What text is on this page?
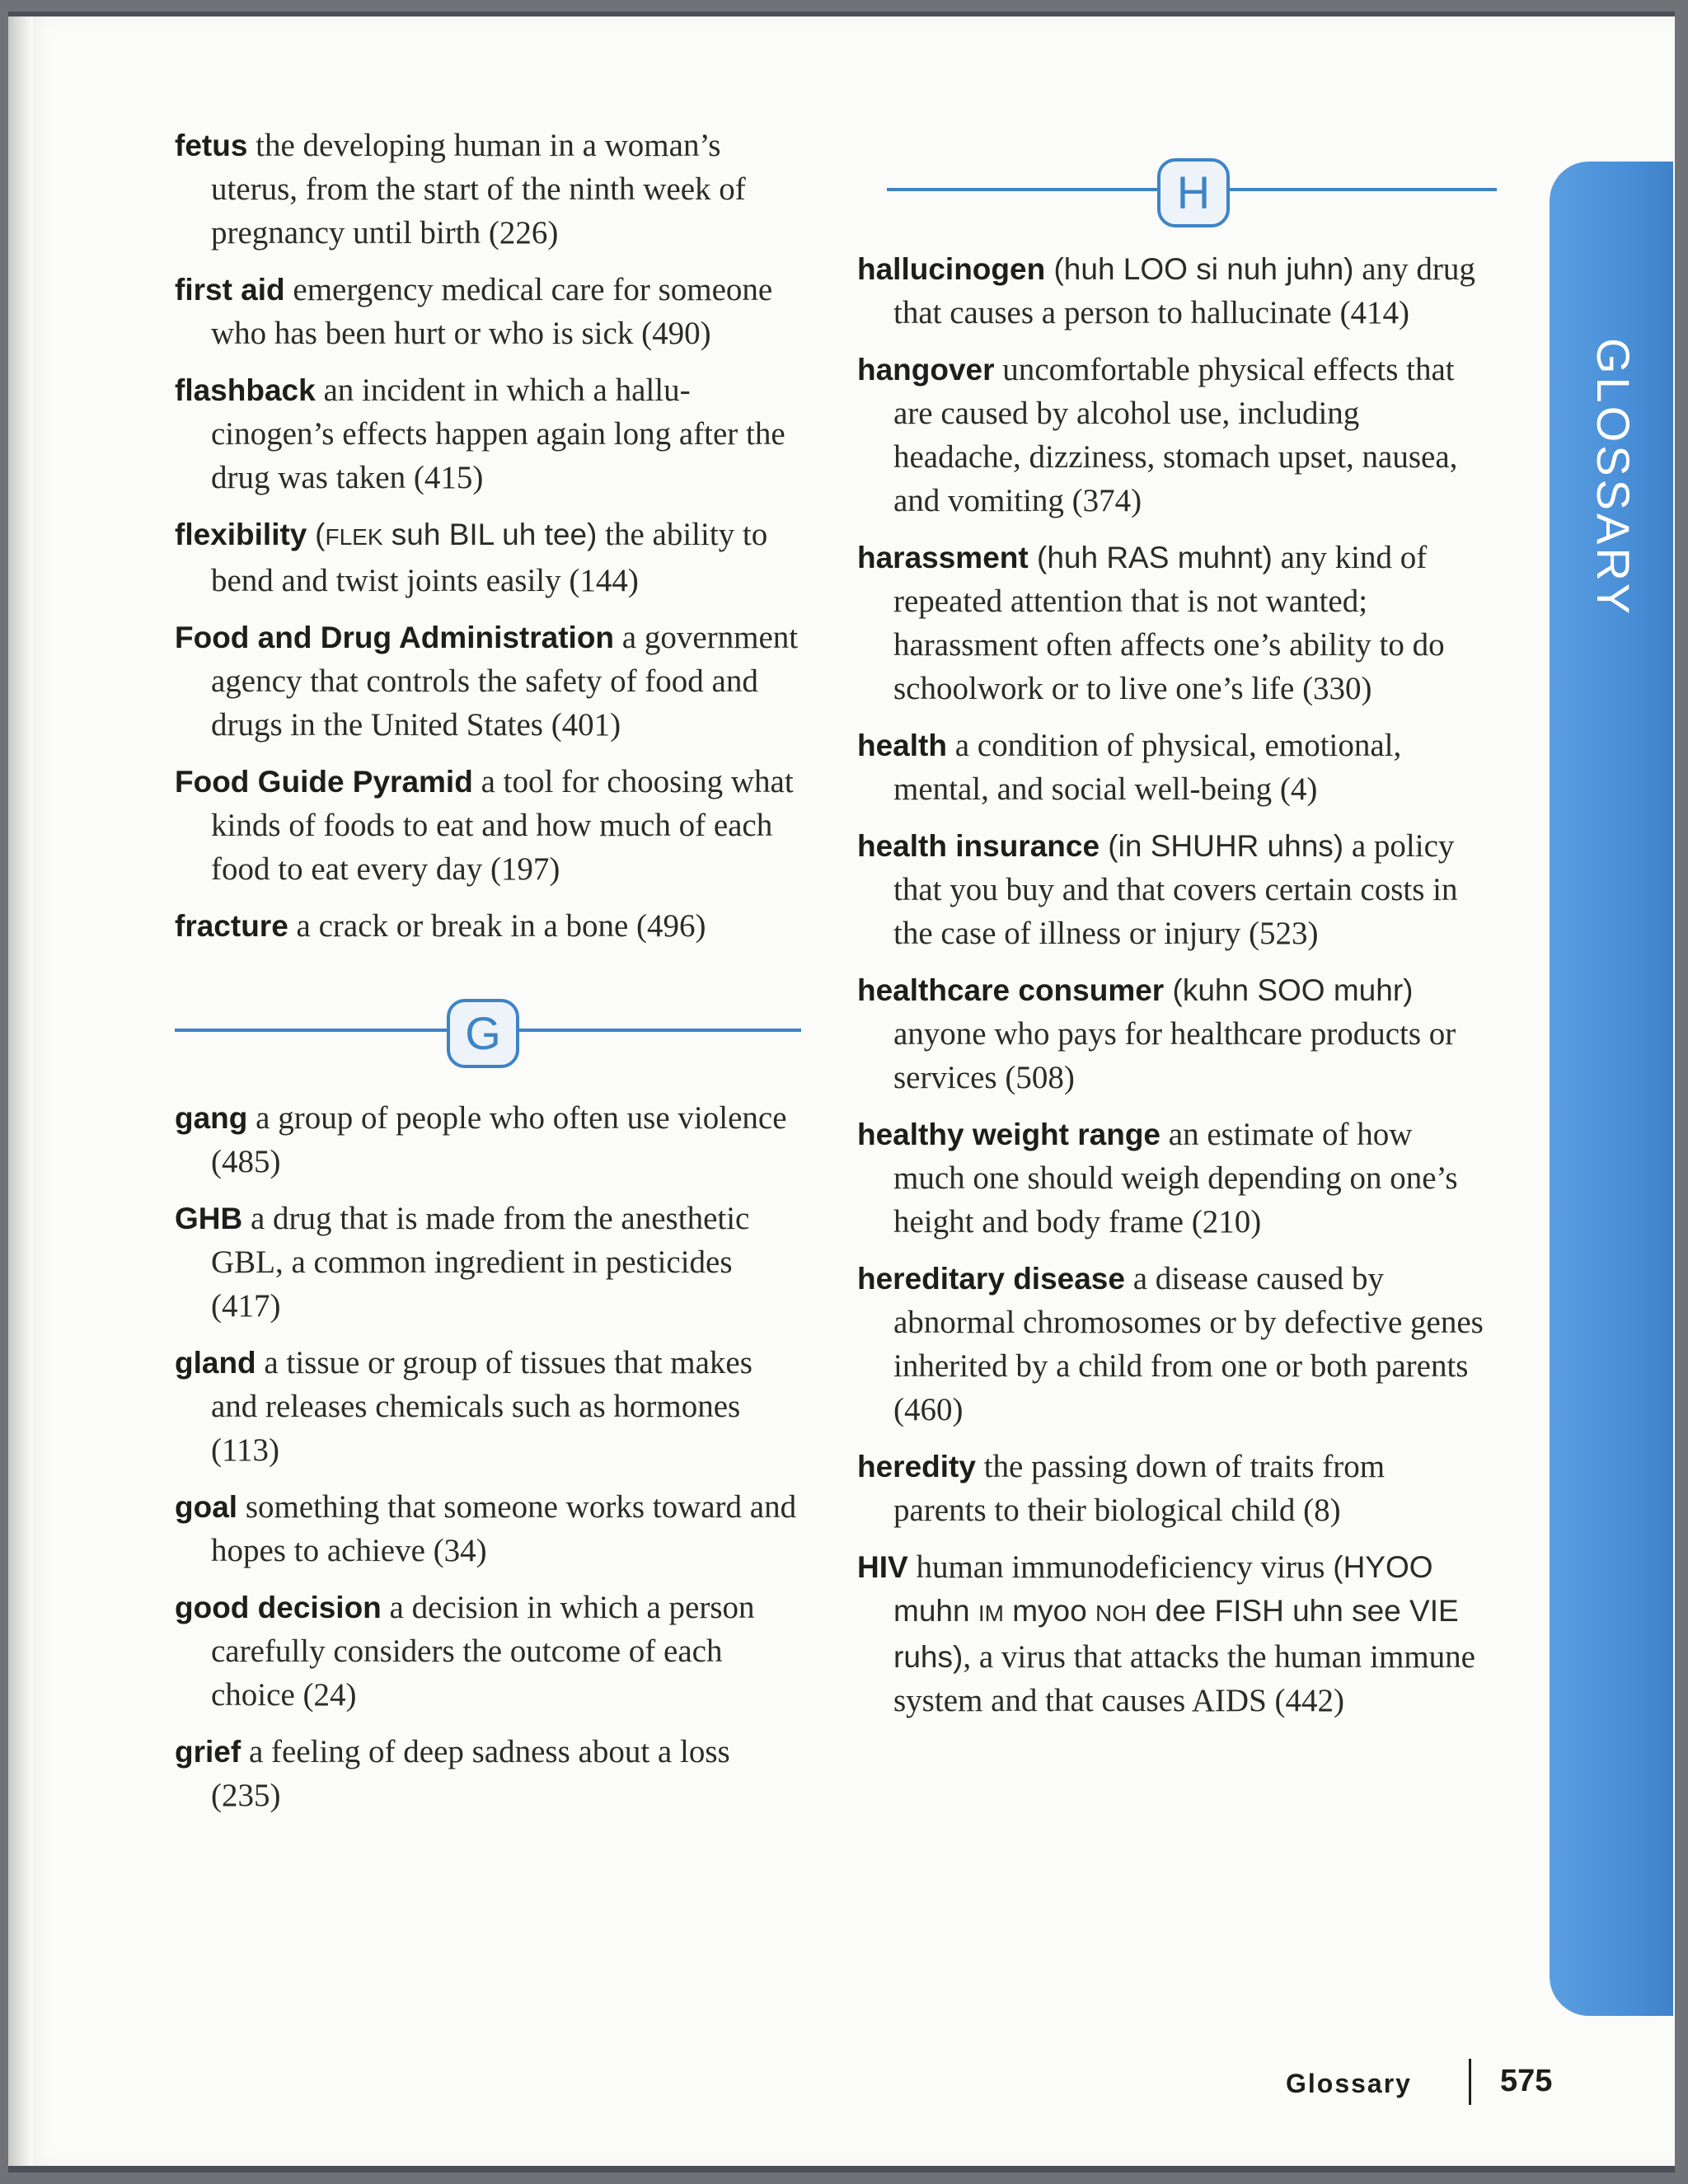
fetus the developing human in a woman’s uterus, from the start of the ninth week of pregnancy until birth (226)
first aid emergency medical care for someone who has been hurt or who is sick (490)
flashback an incident in which a hallucinogen’s effects happen again long after the drug was taken (415)
flexibility (FLEK suh BIL uh tee) the ability to bend and twist joints easily (144)
Food and Drug Administration a government agency that controls the safety of food and drugs in the United States (401)
Food Guide Pyramid a tool for choosing what kinds of foods to eat and how much of each food to eat every day (197)
fracture a crack or break in a bone (496)
G
gang a group of people who often use violence (485)
GHB a drug that is made from the anesthetic GBL, a common ingredient in pesticides (417)
gland a tissue or group of tissues that makes and releases chemicals such as hormones (113)
goal something that someone works toward and hopes to achieve (34)
good decision a decision in which a person carefully considers the outcome of each choice (24)
grief a feeling of deep sadness about a loss (235)
H
hallucinogen (huh LOO si nuh juhn) any drug that causes a person to hallucinate (414)
hangover uncomfortable physical effects that are caused by alcohol use, including headache, dizziness, stomach upset, nausea, and vomiting (374)
harassment (huh RAS muhnt) any kind of repeated attention that is not wanted; harassment often affects one’s ability to do schoolwork or to live one’s life (330)
health a condition of physical, emotional, mental, and social well-being (4)
health insurance (in SHUHR uhns) a policy that you buy and that covers certain costs in the case of illness or injury (523)
healthcare consumer (kuhn SOO muhr) anyone who pays for healthcare products or services (508)
healthy weight range an estimate of how much one should weigh depending on one’s height and body frame (210)
hereditary disease a disease caused by abnormal chromosomes or by defective genes inherited by a child from one or both parents (460)
heredity the passing down of traits from parents to their biological child (8)
HIV human immunodeficiency virus (HYOO muhn IM myoo NOH dee FISH uhn see VIE ruhs), a virus that attacks the human immune system and that causes AIDS (442)
GLOSSARY
Glossary	575
